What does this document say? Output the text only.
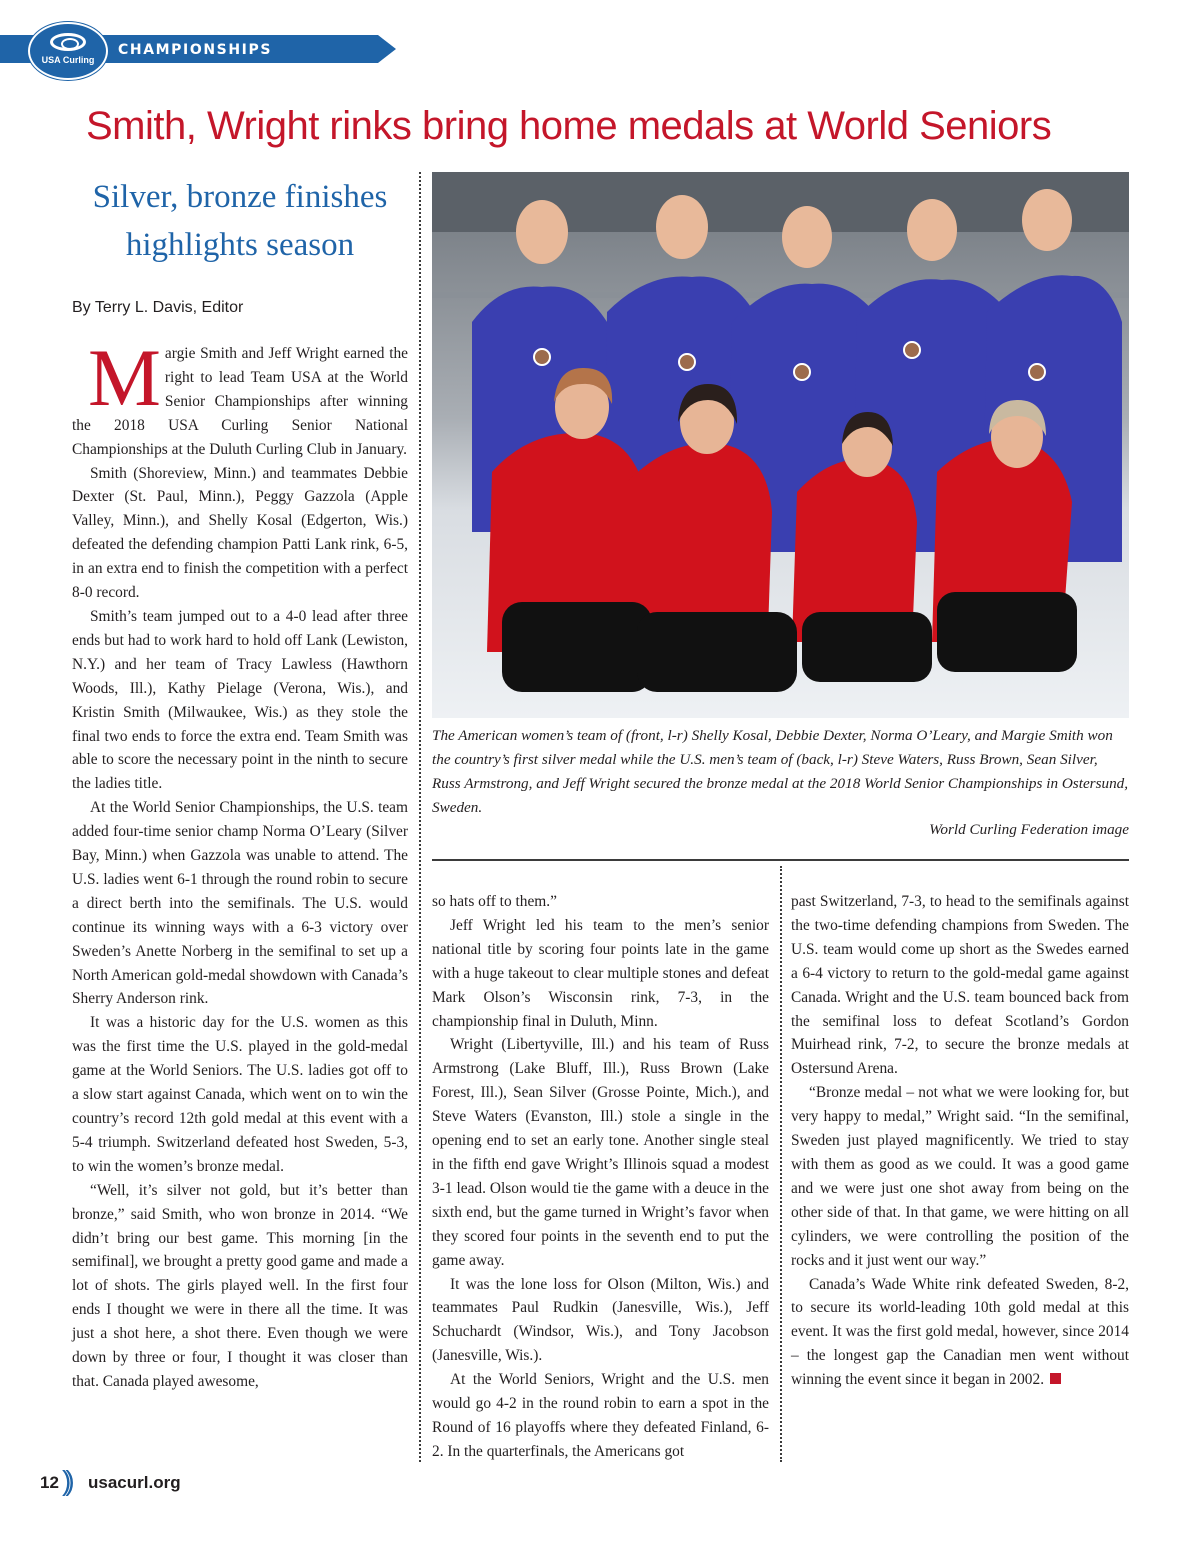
CHAMPIONSHIPS
USA Curling
Smith, Wright rinks bring home medals at World Seniors
Silver, bronze finishes
highlights season
By Terry L. Davis, Editor

Margie Smith and Jeff Wright earned the right to lead Team USA at the World Senior Championships after winning the 2018 USA Curling Senior National Championships at the Duluth Curling Club in January.

Smith (Shoreview, Minn.) and teammates Debbie Dexter (St. Paul, Minn.), Peggy Gazzola (Apple Valley, Minn.), and Shelly Kosal (Edgerton, Wis.) defeated the defending champion Patti Lank rink, 6-5, in an extra end to finish the competition with a perfect 8-0 record.

Smith’s team jumped out to a 4-0 lead after three ends but had to work hard to hold off Lank (Lewiston, N.Y.) and her team of Tracy Lawless (Hawthorn Woods, Ill.), Kathy Pielage (Verona, Wis.), and Kristin Smith (Milwaukee, Wis.) as they stole the final two ends to force the extra end. Team Smith was able to score the necessary point in the ninth to secure the ladies title.

At the World Senior Championships, the U.S. team added four-time senior champ Norma O’Leary (Silver Bay, Minn.) when Gazzola was unable to attend. The U.S. ladies went 6-1 through the round robin to secure a direct berth into the semifinals. The U.S. would continue its winning ways with a 6-3 victory over Sweden’s Anette Norberg in the semifinal to set up a North American gold-medal showdown with Canada’s Sherry Anderson rink.

It was a historic day for the U.S. women as this was the first time the U.S. played in the gold-medal game at the World Seniors. The U.S. ladies got off to a slow start against Canada, which went on to win the country’s record 12th gold medal at this event with a 5-4 triumph. Switzerland defeated host Sweden, 5-3, to win the women’s bronze medal.

“Well, it’s silver not gold, but it’s better than bronze,” said Smith, who won bronze in 2014. “We didn’t bring our best game. This morning [in the semifinal], we brought a pretty good game and made a lot of shots. The girls played well. In the first four ends I thought we were in there all the time. It was just a shot here, a shot there. Even though we were down by three or four, I thought it was closer than that. Canada played awesome,

The American women’s team of (front, l-r) Shelly Kosal, Debbie Dexter, Norma O’Leary, and Margie Smith won the country’s first silver medal while the U.S. men’s team of (back, l-r) Steve Waters, Russ Brown, Sean Silver, Russ Armstrong, and Jeff Wright secured the bronze medal at the 2018 World Senior Championships in Ostersund, Sweden.
World Curling Federation image

so hats off to them.”

Jeff Wright led his team to the men’s senior national title by scoring four points late in the game with a huge takeout to clear multiple stones and defeat Mark Olson’s Wisconsin rink, 7-3, in the championship final in Duluth, Minn.

Wright (Libertyville, Ill.) and his team of Russ Armstrong (Lake Bluff, Ill.), Russ Brown (Lake Forest, Ill.), Sean Silver (Grosse Pointe, Mich.), and Steve Waters (Evanston, Ill.) stole a single in the opening end to set an early tone. Another single steal in the fifth end gave Wright’s Illinois squad a modest 3-1 lead. Olson would tie the game with a deuce in the sixth end, but the game turned in Wright’s favor when they scored four points in the seventh end to put the game away.

It was the lone loss for Olson (Milton, Wis.) and teammates Paul Rudkin (Janesville, Wis.), Jeff Schuchardt (Windsor, Wis.), and Tony Jacobson (Janesville, Wis.).

At the World Seniors, Wright and the U.S. men would go 4-2 in the round robin to earn a spot in the Round of 16 playoffs where they defeated Finland, 6-2. In the quarterfinals, the Americans got

past Switzerland, 7-3, to head to the semifinals against the two-time defending champions from Sweden. The U.S. team would come up short as the Swedes earned a 6-4 victory to return to the gold-medal game against Canada. Wright and the U.S. team bounced back from the semifinal loss to defeat Scotland’s Gordon Muirhead rink, 7-2, to secure the bronze medals at Ostersund Arena.

“Bronze medal – not what we were looking for, but very happy to medal,” Wright said. “In the semifinal, Sweden just played magnificently. We tried to stay with them as good as we could. It was a good game and we were just one shot away from being on the other side of that. In that game, we were hitting on all cylinders, we were controlling the position of the rocks and it just went our way.”

Canada’s Wade White rink defeated Sweden, 8-2, to secure its world-leading 10th gold medal at this event. It was the first gold medal, however, since 2014 – the longest gap the Canadian men went without winning the event since it began in 2002.

12 )) usacurl.org
